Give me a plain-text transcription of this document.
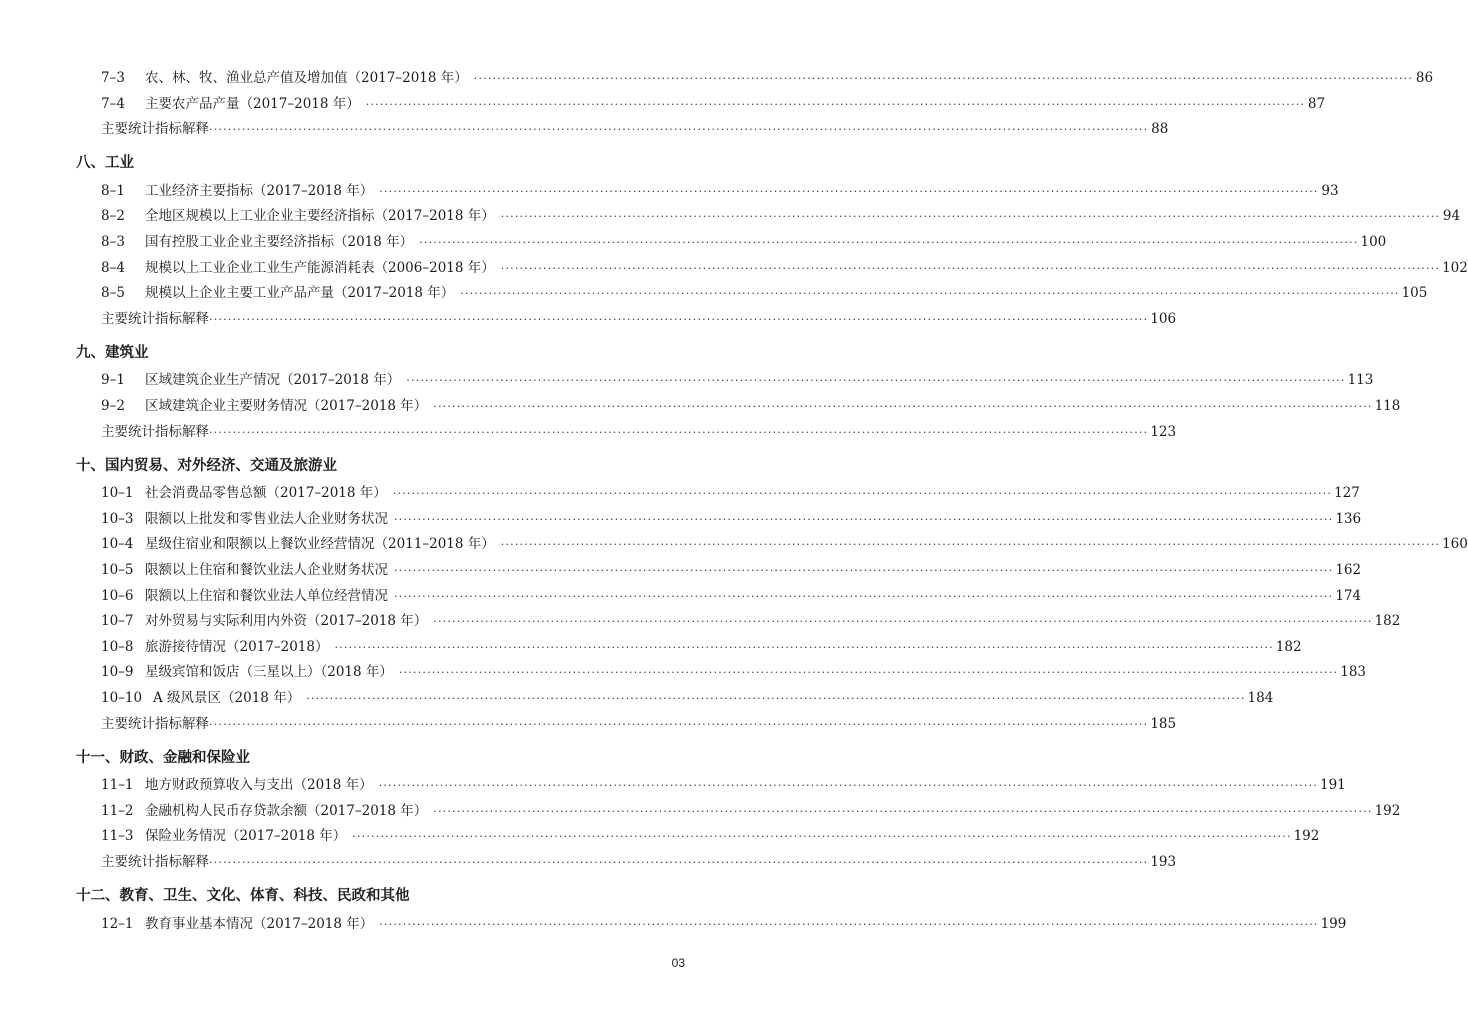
7–3	农、林、牧、渔业总产值及增加值（2017–2018 年） ········································································································································································································ 86
7–4	主要农产品产量（2017–2018 年） ········································································································································································································ 87
主要统计指标解释 ········································································································································································································ 88
八、工业
8–1	工业经济主要指标（2017–2018 年） ········································································································································································································ 93
8–2	全地区规模以上工业企业主要经济指标（2017–2018 年） ········································································································································································································ 94
8–3	国有控股工业企业主要经济指标（2018 年） ········································································································································································································ 100
8–4	规模以上工业企业工业生产能源消耗表（2006–2018 年） ········································································································································································································ 102
8–5	规模以上企业主要工业产品产量（2017–2018 年） ········································································································································································································ 105
主要统计指标解释 ········································································································································································································ 106
九、建筑业
9–1	区域建筑企业生产情况（2017–2018 年） ········································································································································································································ 113
9–2	区域建筑企业主要财务情况（2017–2018 年） ········································································································································································································ 118
主要统计指标解释 ········································································································································································································ 123
十、国内贸易、对外经济、交通及旅游业
10–1 社会消费品零售总额（2017–2018 年） ········································································································································································································ 127
10–3 限额以上批发和零售业法人企业财务状况 ········································································································································································································ 136
10–4 星级住宿业和限额以上餐饮业经营情况（2011–2018 年） ········································································································································································································ 160
10–5 限额以上住宿和餐饮业法人企业财务状况 ········································································································································································································ 162
10–6 限额以上住宿和餐饮业法人单位经营情况 ········································································································································································································ 174
10–7 对外贸易与实际利用内外资（2017–2018 年） ········································································································································································································ 182
10–8 旅游接待情况（2017–2018） ········································································································································································································ 182
10–9 星级宾馆和饭店（三星以上）（2018 年） ········································································································································································································ 183
10–10 A 级风景区（2018 年） ········································································································································································································ 184
主要统计指标解释 ········································································································································································································ 185
十一、财政、金融和保险业
11–1 地方财政预算收入与支出（2018 年） ········································································································································································································ 191
11–2 金融机构人民币存贷款余额（2017–2018 年） ········································································································································································································ 192
11–3 保险业务情况（2017–2018 年） ········································································································································································································ 192
主要统计指标解释 ········································································································································································································ 193
十二、教育、卫生、文化、体育、科技、民政和其他
12–1 教育事业基本情况（2017–2018 年） ········································································································································································································ 199
03
